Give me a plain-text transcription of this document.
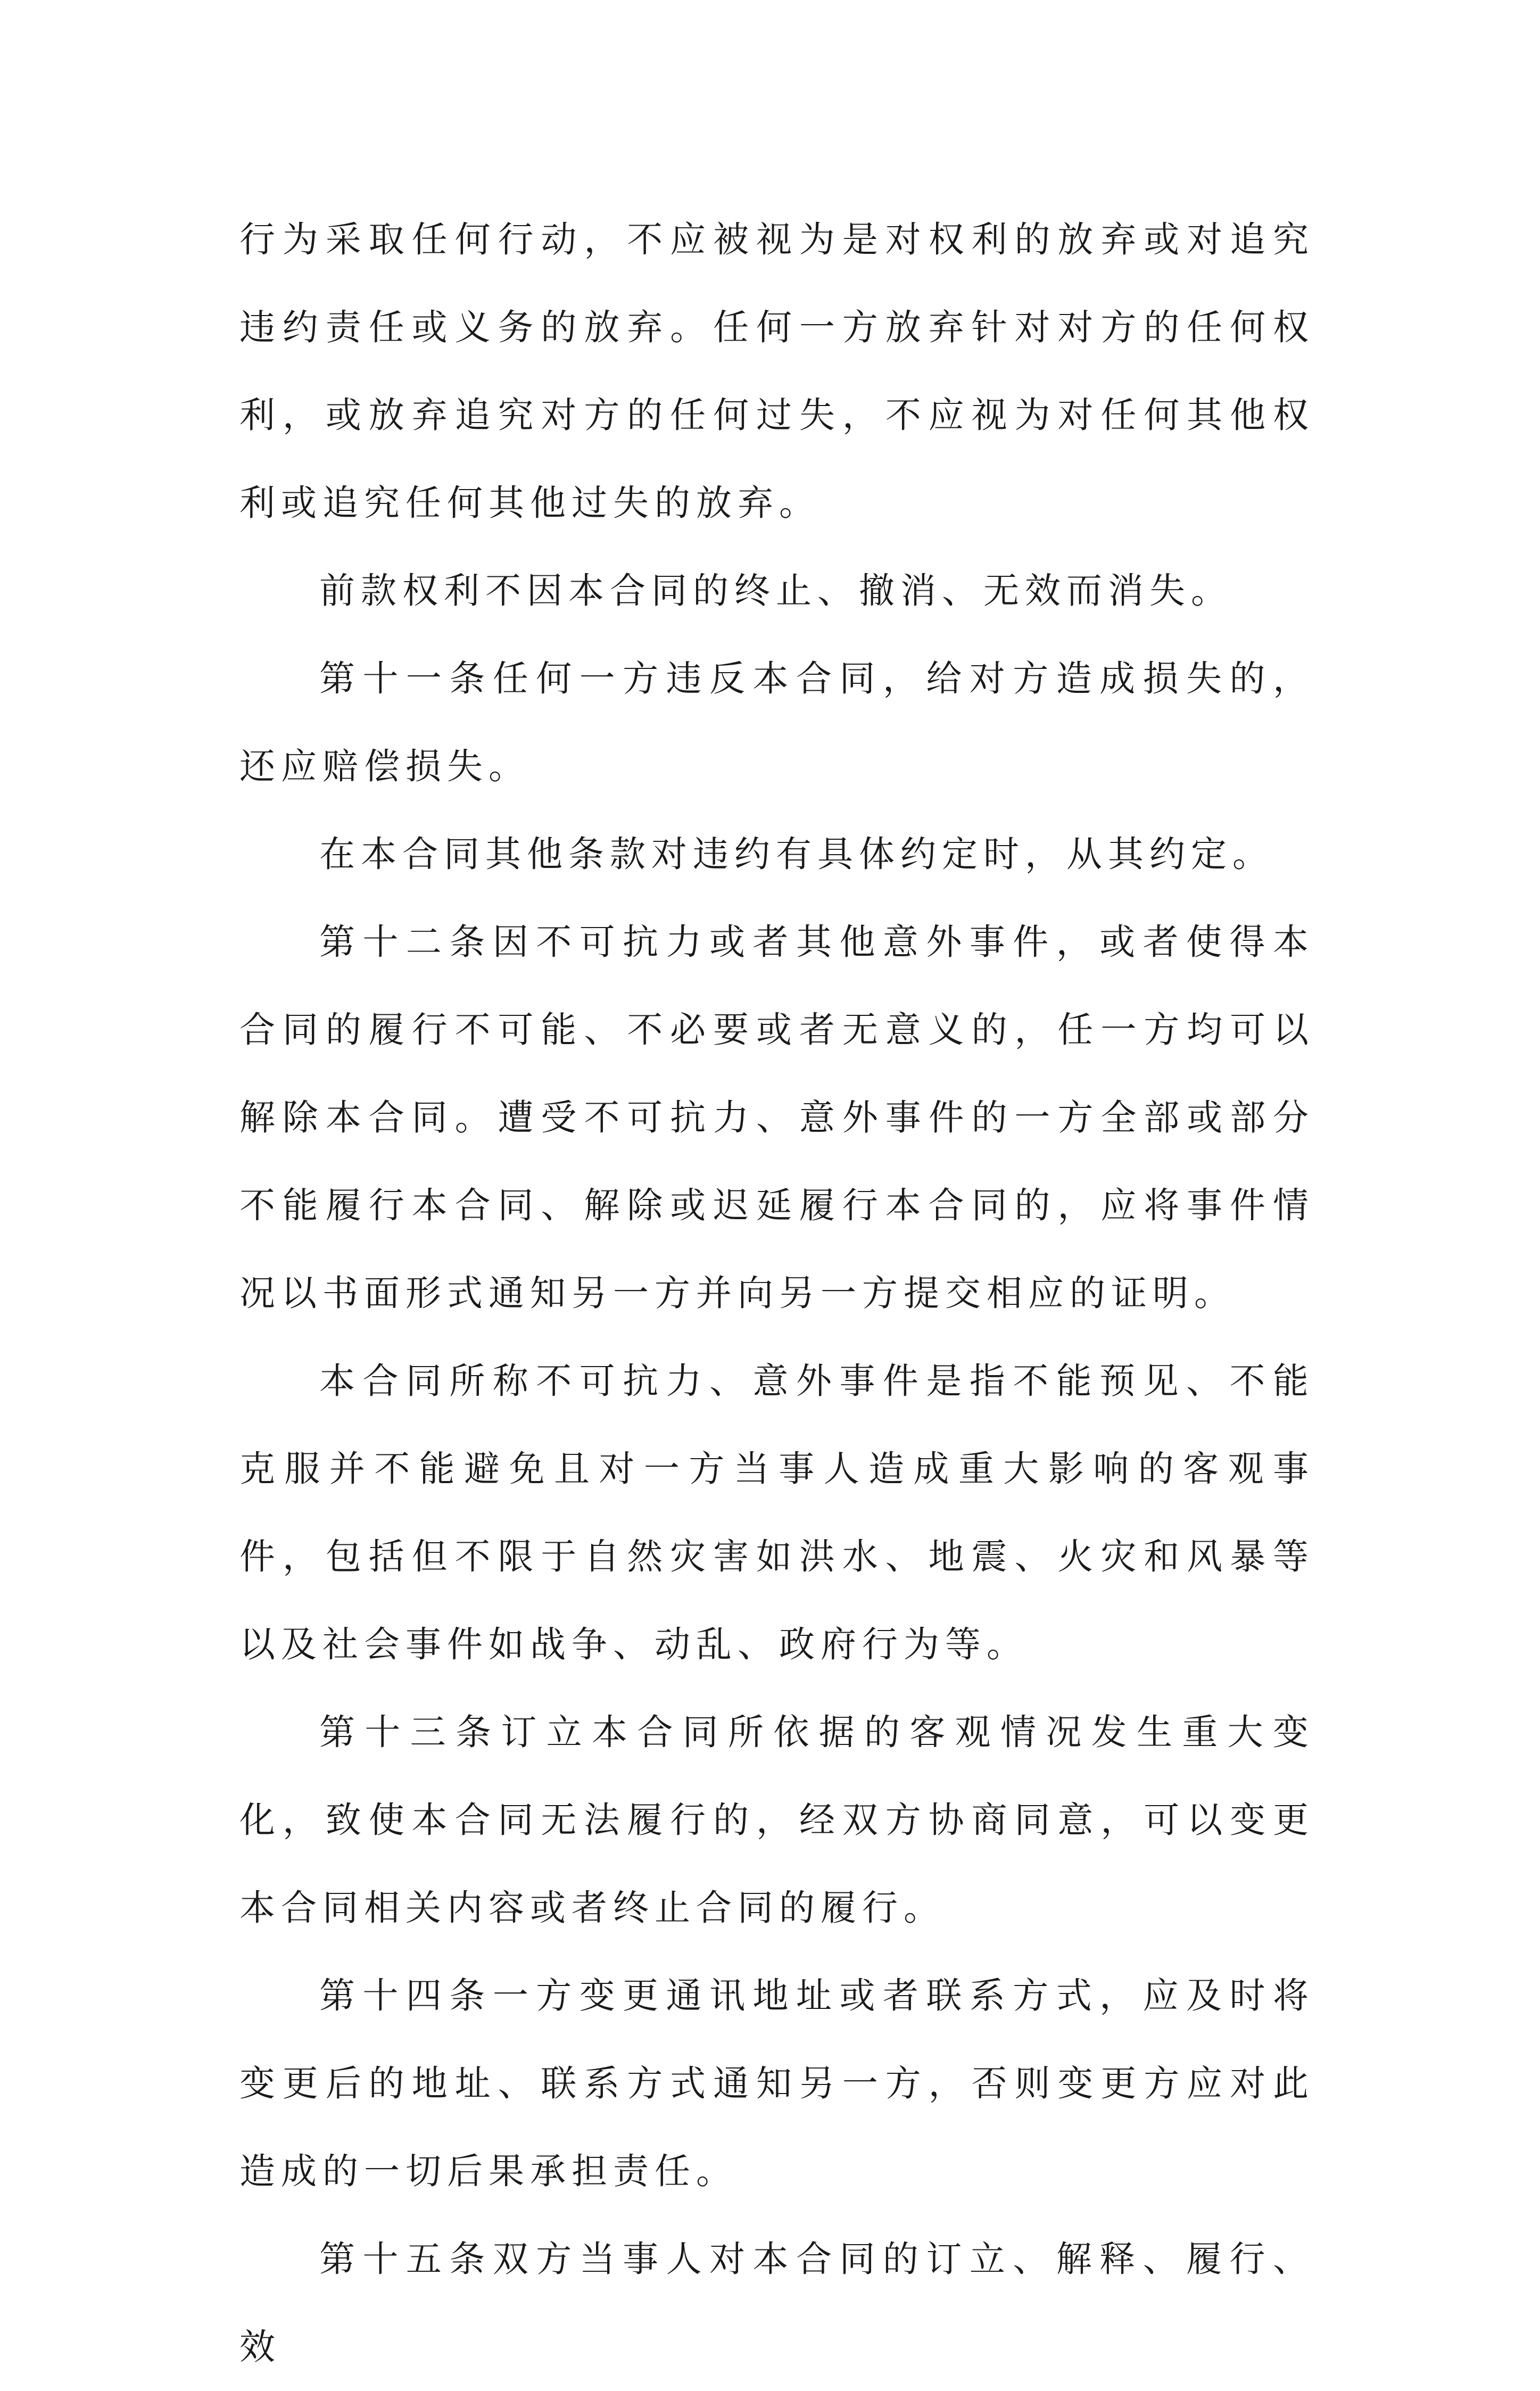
行为采取任何行动，不应被视为是对权利的放弃或对追究违约责任或义务的放弃。任何一方放弃针对对方的任何权利，或放弃追究对方的任何过失，不应视为对任何其他权利或追究任何其他过失的放弃。

前款权利不因本合同的终止、撤消、无效而消失。

第十一条任何一方违反本合同，给对方造成损失的，还应赔偿损失。

在本合同其他条款对违约有具体约定时，从其约定。

第十二条因不可抗力或者其他意外事件，或者使得本合同的履行不可能、不必要或者无意义的，任一方均可以解除本合同。遭受不可抗力、意外事件的一方全部或部分不能履行本合同、解除或迟延履行本合同的，应将事件情况以书面形式通知另一方并向另一方提交相应的证明。

本合同所称不可抗力、意外事件是指不能预见、不能克服并不能避免且对一方当事人造成重大影响的客观事件，包括但不限于自然灾害如洪水、地震、火灾和风暴等以及社会事件如战争、动乱、政府行为等。

第十三条订立本合同所依据的客观情况发生重大变化，致使本合同无法履行的，经双方协商同意，可以变更本合同相关内容或者终止合同的履行。

第十四条一方变更通讯地址或者联系方式，应及时将变更后的地址、联系方式通知另一方，否则变更方应对此造成的一切后果承担责任。

第十五条双方当事人对本合同的订立、解释、履行、效
